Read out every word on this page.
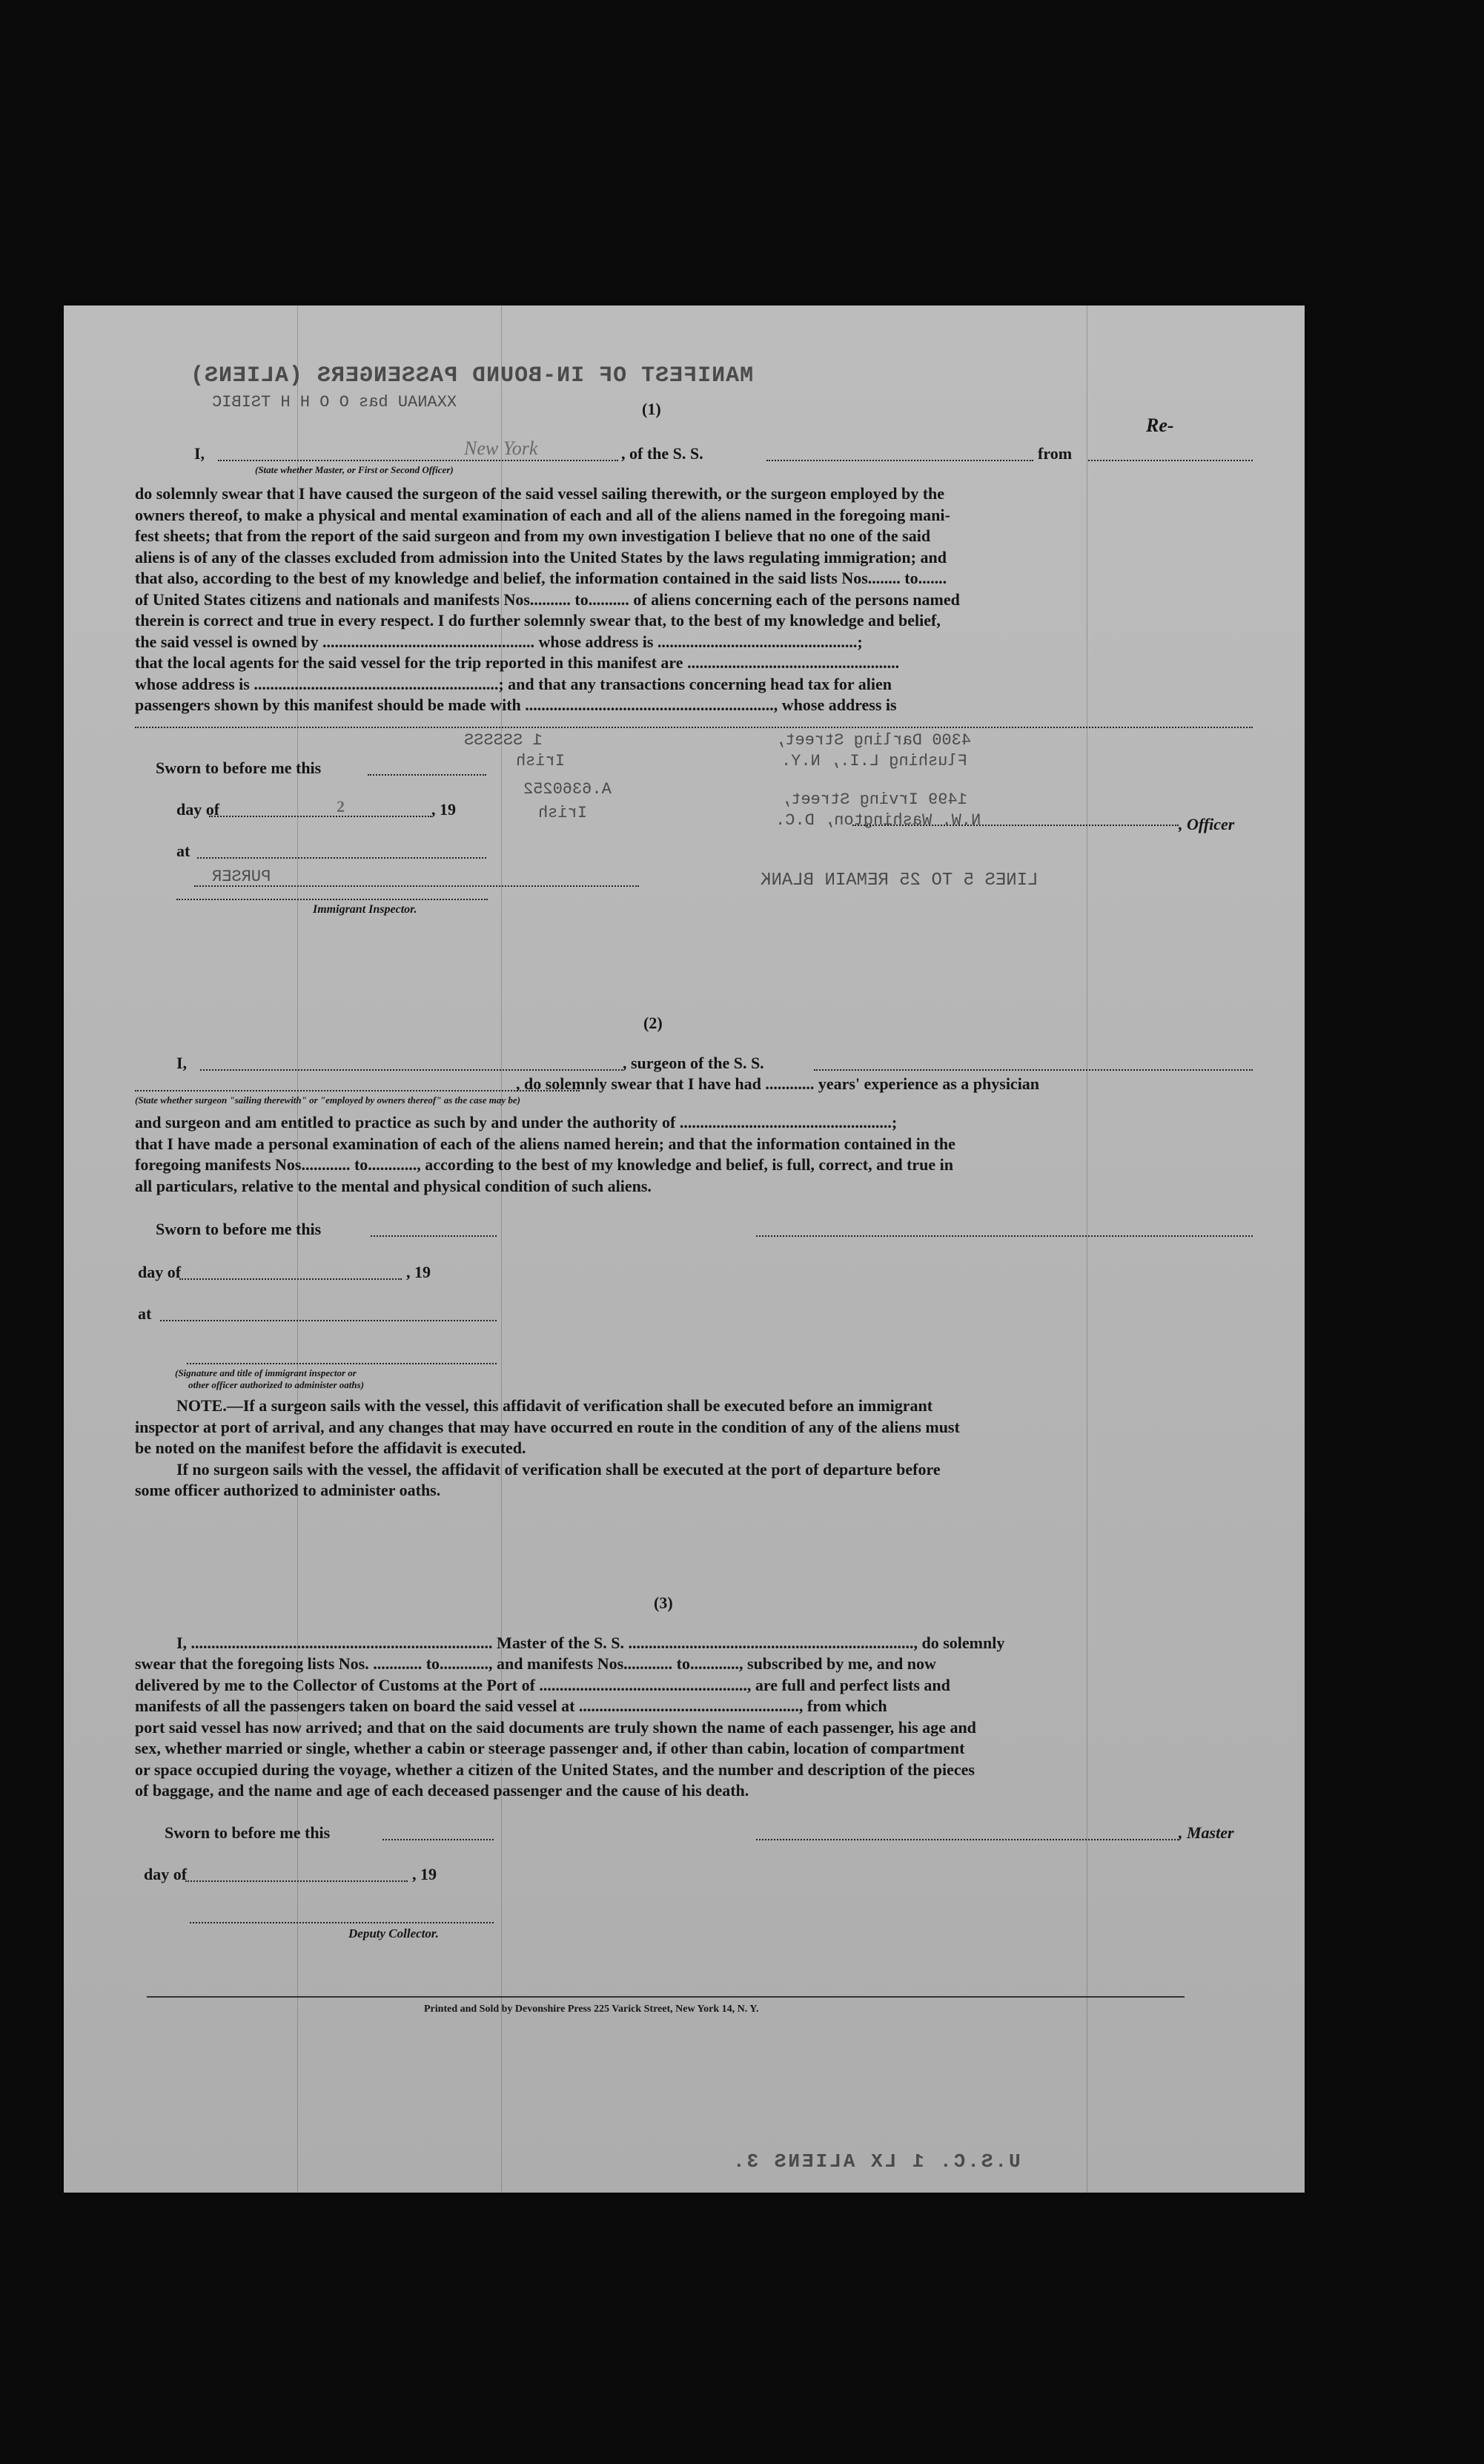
MANIFEST OF IN-BOUND PASSENGERS (ALIENS)
XXANAU bas O O H H TSIBIC
Re-
(1)
I,	New York	, of the S. S.	from
(State whether Master, or First or Second Officer)
do solemnly swear that I have caused the surgeon of the said vessel sailing therewith, or the surgeon employed by the
owners thereof, to make a physical and mental examination of each and all of the aliens named in the foregoing mani-
fest sheets; that from the report of the said surgeon and from my own investigation I believe that no one of the said
aliens is of any of the classes excluded from admission into the United States by the laws regulating immigration; and
that also, according to the best of my knowledge and belief, the information contained in the said lists Nos........ to.......
of United States citizens and nationals and manifests Nos.......... to.......... of aliens concerning each of the persons named
therein is correct and true in every respect. I do further solemnly swear that, to the best of my knowledge and belief,
the said vessel is owned by .................................................... whose address is .................................................;
that the local agents for the said vessel for the trip reported in this manifest are ....................................................
whose address is ............................................................; and that any transactions concerning head tax for alien
passengers shown by this manifest should be made with ............................................................., whose address is
1 SSSSSS
Irish
A.6360252
Irish
4300 Darling Street,
Flushing L.I., N.Y.
1499 Irving Street,
N.W. Washington, D.C.
Sworn to before me this
day of	2	, 19
at
, Officer
PURSER	LINES 5 TO 25 REMAIN BLANK
Immigrant Inspector.
(2)
I,	, surgeon of the S. S.
, do solemnly swear that I have had ............ years' experience as a physician
(State whether surgeon "sailing therewith" or "employed by owners thereof" as the case may be)
and surgeon and am entitled to practice as such by and under the authority of ....................................................;
that I have made a personal examination of each of the aliens named herein; and that the information contained in the
foregoing manifests Nos............ to............, according to the best of my knowledge and belief, is full, correct, and true in
all particulars, relative to the mental and physical condition of such aliens.
Sworn to before me this
day of	, 19
at
(Signature and title of immigrant inspector or
other officer authorized to administer oaths)
NOTE.—If a surgeon sails with the vessel, this affidavit of verification shall be executed before an immigrant
inspector at port of arrival, and any changes that may have occurred en route in the condition of any of the aliens must
be noted on the manifest before the affidavit is executed.
If no surgeon sails with the vessel, the affidavit of verification shall be executed at the port of departure before
some officer authorized to administer oaths.
(3)
I, .......................................................................... Master of the S. S. ......................................................................, do solemnly
swear that the foregoing lists Nos. ............ to............, and manifests Nos............ to............, subscribed by me, and now
delivered by me to the Collector of Customs at the Port of ..................................................., are full and perfect lists and
manifests of all the passengers taken on board the said vessel at ......................................................, from which
port said vessel has now arrived; and that on the said documents are truly shown the name of each passenger, his age and
sex, whether married or single, whether a cabin or steerage passenger and, if other than cabin, location of compartment
or space occupied during the voyage, whether a citizen of the United States, and the number and description of the pieces
of baggage, and the name and age of each deceased passenger and the cause of his death.
Sworn to before me this	, Master
day of	, 19
Deputy Collector.
Printed and Sold by Devonshire Press 225 Varick Street, New York 14, N. Y.
U.S.C. 1 LX ALIENS 3.
